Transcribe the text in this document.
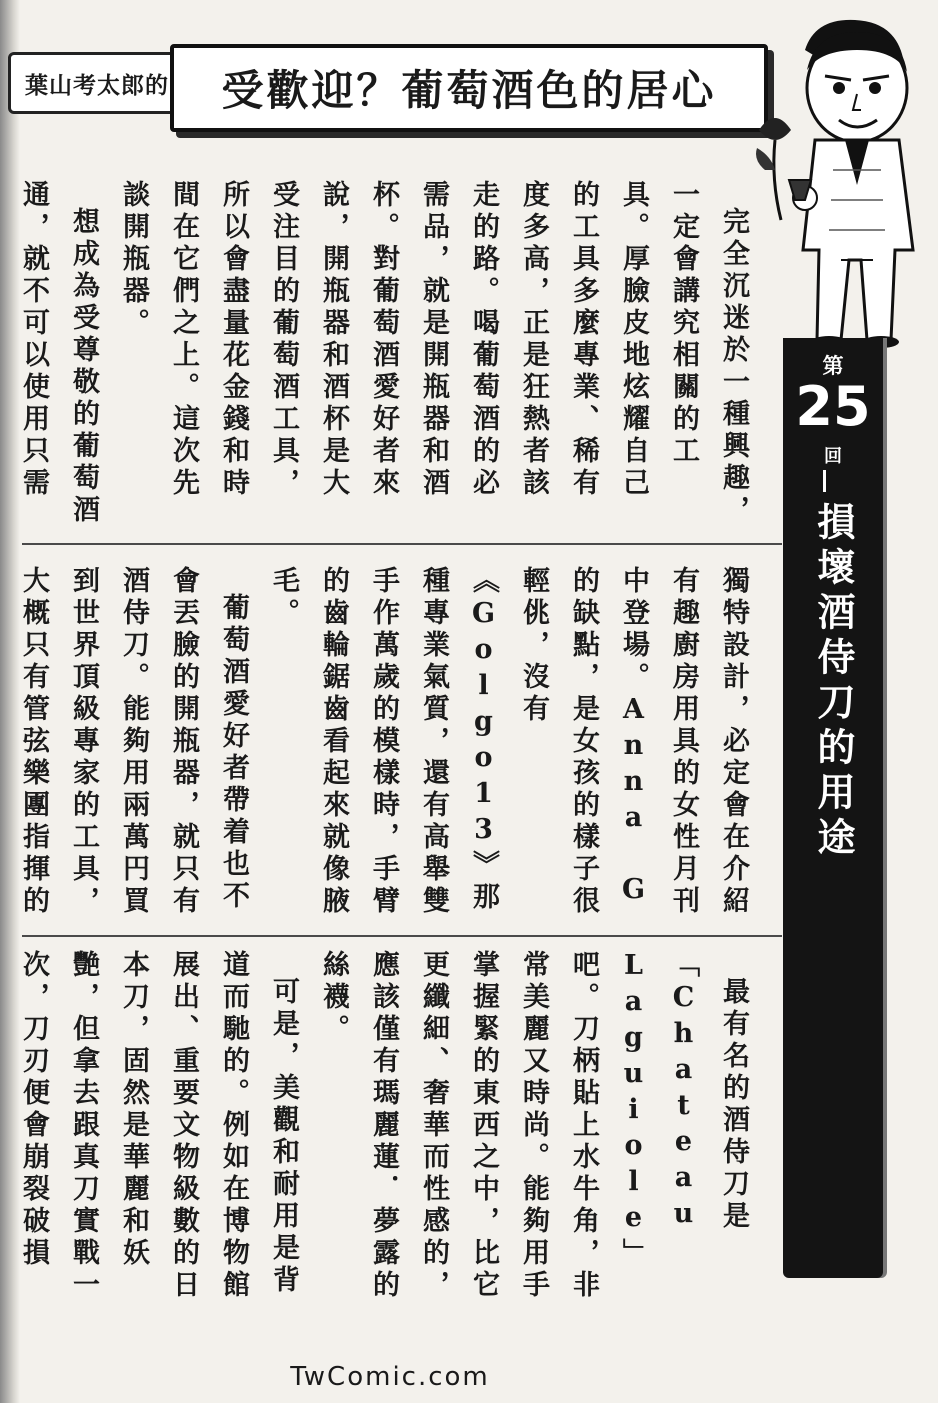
葉山考太郎的	受歡迎？葡萄酒色的居心
第
25
回
損壞酒侍刀的用途

完全沉迷於一種興趣，一定會講究相關的工具。厚臉皮地炫耀自己的工具多麼專業、稀有度多高，正是狂熱者該走的路。喝葡萄酒的必需品，就是開瓶器和酒杯。對葡萄酒愛好者來說，開瓶器和酒杯是大受注目的葡萄酒工具，所以會盡量花金錢和時間在它們之上。這次先談開瓶器。

想成為受尊敬的葡萄酒通，就不可以使用只需

獨特設計，必定會在介紹有趣廚房用具的女性月刊中登場。Anna G的缺點，是女孩的樣子很輕佻，沒有《Golgo13》那種專業氣質，還有高舉雙手作萬歲的模樣時，手臂的齒輪鋸齒看起來就像腋毛。

葡萄酒愛好者帶着也不會丟臉的開瓶器，就只有酒侍刀。能夠用兩萬円買到世界頂級專家的工具，大概只有管弦樂團指揮的

最有名的酒侍刀是「Chateau Laguiole」吧。刀柄貼上水牛角，非常美麗又時尚。能夠用手掌握緊的東西之中，比它更纖細、奢華而性感的，應該僅有瑪麗蓮．夢露的絲襪。

可是，美觀和耐用是背道而馳的。例如在博物館展出、重要文物級數的日本刀，固然是華麗和妖艷，但拿去跟真刀實戰一次，刀刃便會崩裂破損

TwComic.com
